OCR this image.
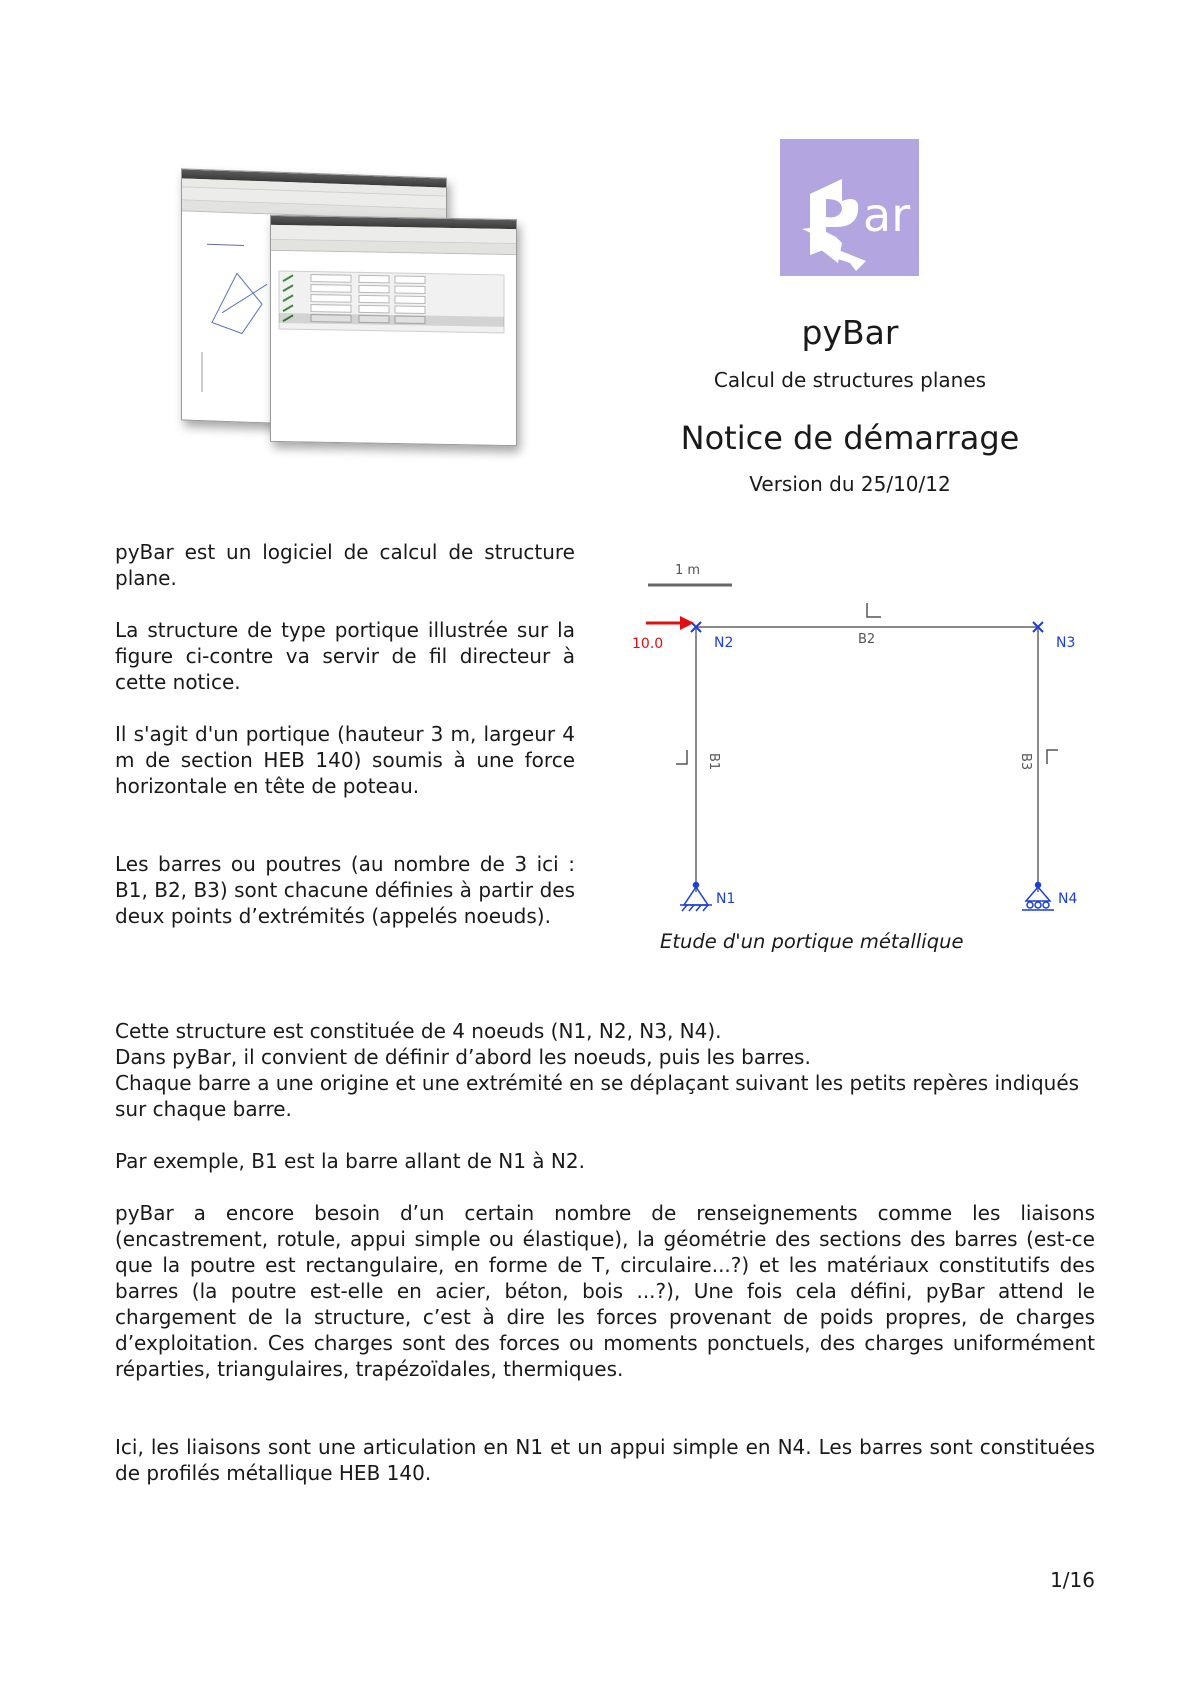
ar
pyBar
Calcul de structures planes
Notice de démarrage
Version du 25/10/12

pyBar est un logiciel de calcul de structure plane.

La structure de type portique illustrée sur la figure ci-contre va servir de fil directeur à cette notice.

Il s'agit d'un portique (hauteur 3 m, largeur 4 m de section HEB 140) soumis à une force horizontale en tête de poteau.

Les barres ou poutres (au nombre de 3 ici : B1, B2, B3) sont chacune définies à partir des deux points d’extrémités (appelés noeuds).

1 m
B2
B1	B3
N2	N3
N1	N4
10.0
Etude d'un portique métallique
Cette structure est constituée de 4 noeuds (N1, N2, N3, N4).
Dans pyBar, il convient de définir d’abord les noeuds, puis les barres.
Chaque barre a une origine et une extrémité en se déplaçant suivant les petits repères indiqués sur chaque barre.

Par exemple, B1 est la barre allant de N1 à N2.

pyBar a encore besoin d’un certain nombre de renseignements comme les liaisons (encastrement, rotule, appui simple ou élastique), la géométrie des sections des barres (est-ce que la poutre est rectangulaire, en forme de T, circulaire...?) et les matériaux constitutifs des barres (la poutre est-elle en acier, béton, bois ...?), Une fois cela défini, pyBar attend le chargement de la structure, c’est à dire les forces provenant de poids propres, de charges d’exploitation. Ces charges sont des forces ou moments ponctuels, des charges uniformément réparties, triangulaires, trapézoïdales, thermiques.

Ici, les liaisons sont une articulation en N1 et un appui simple en N4. Les barres sont constituées de profilés métallique HEB 140.

1/16
